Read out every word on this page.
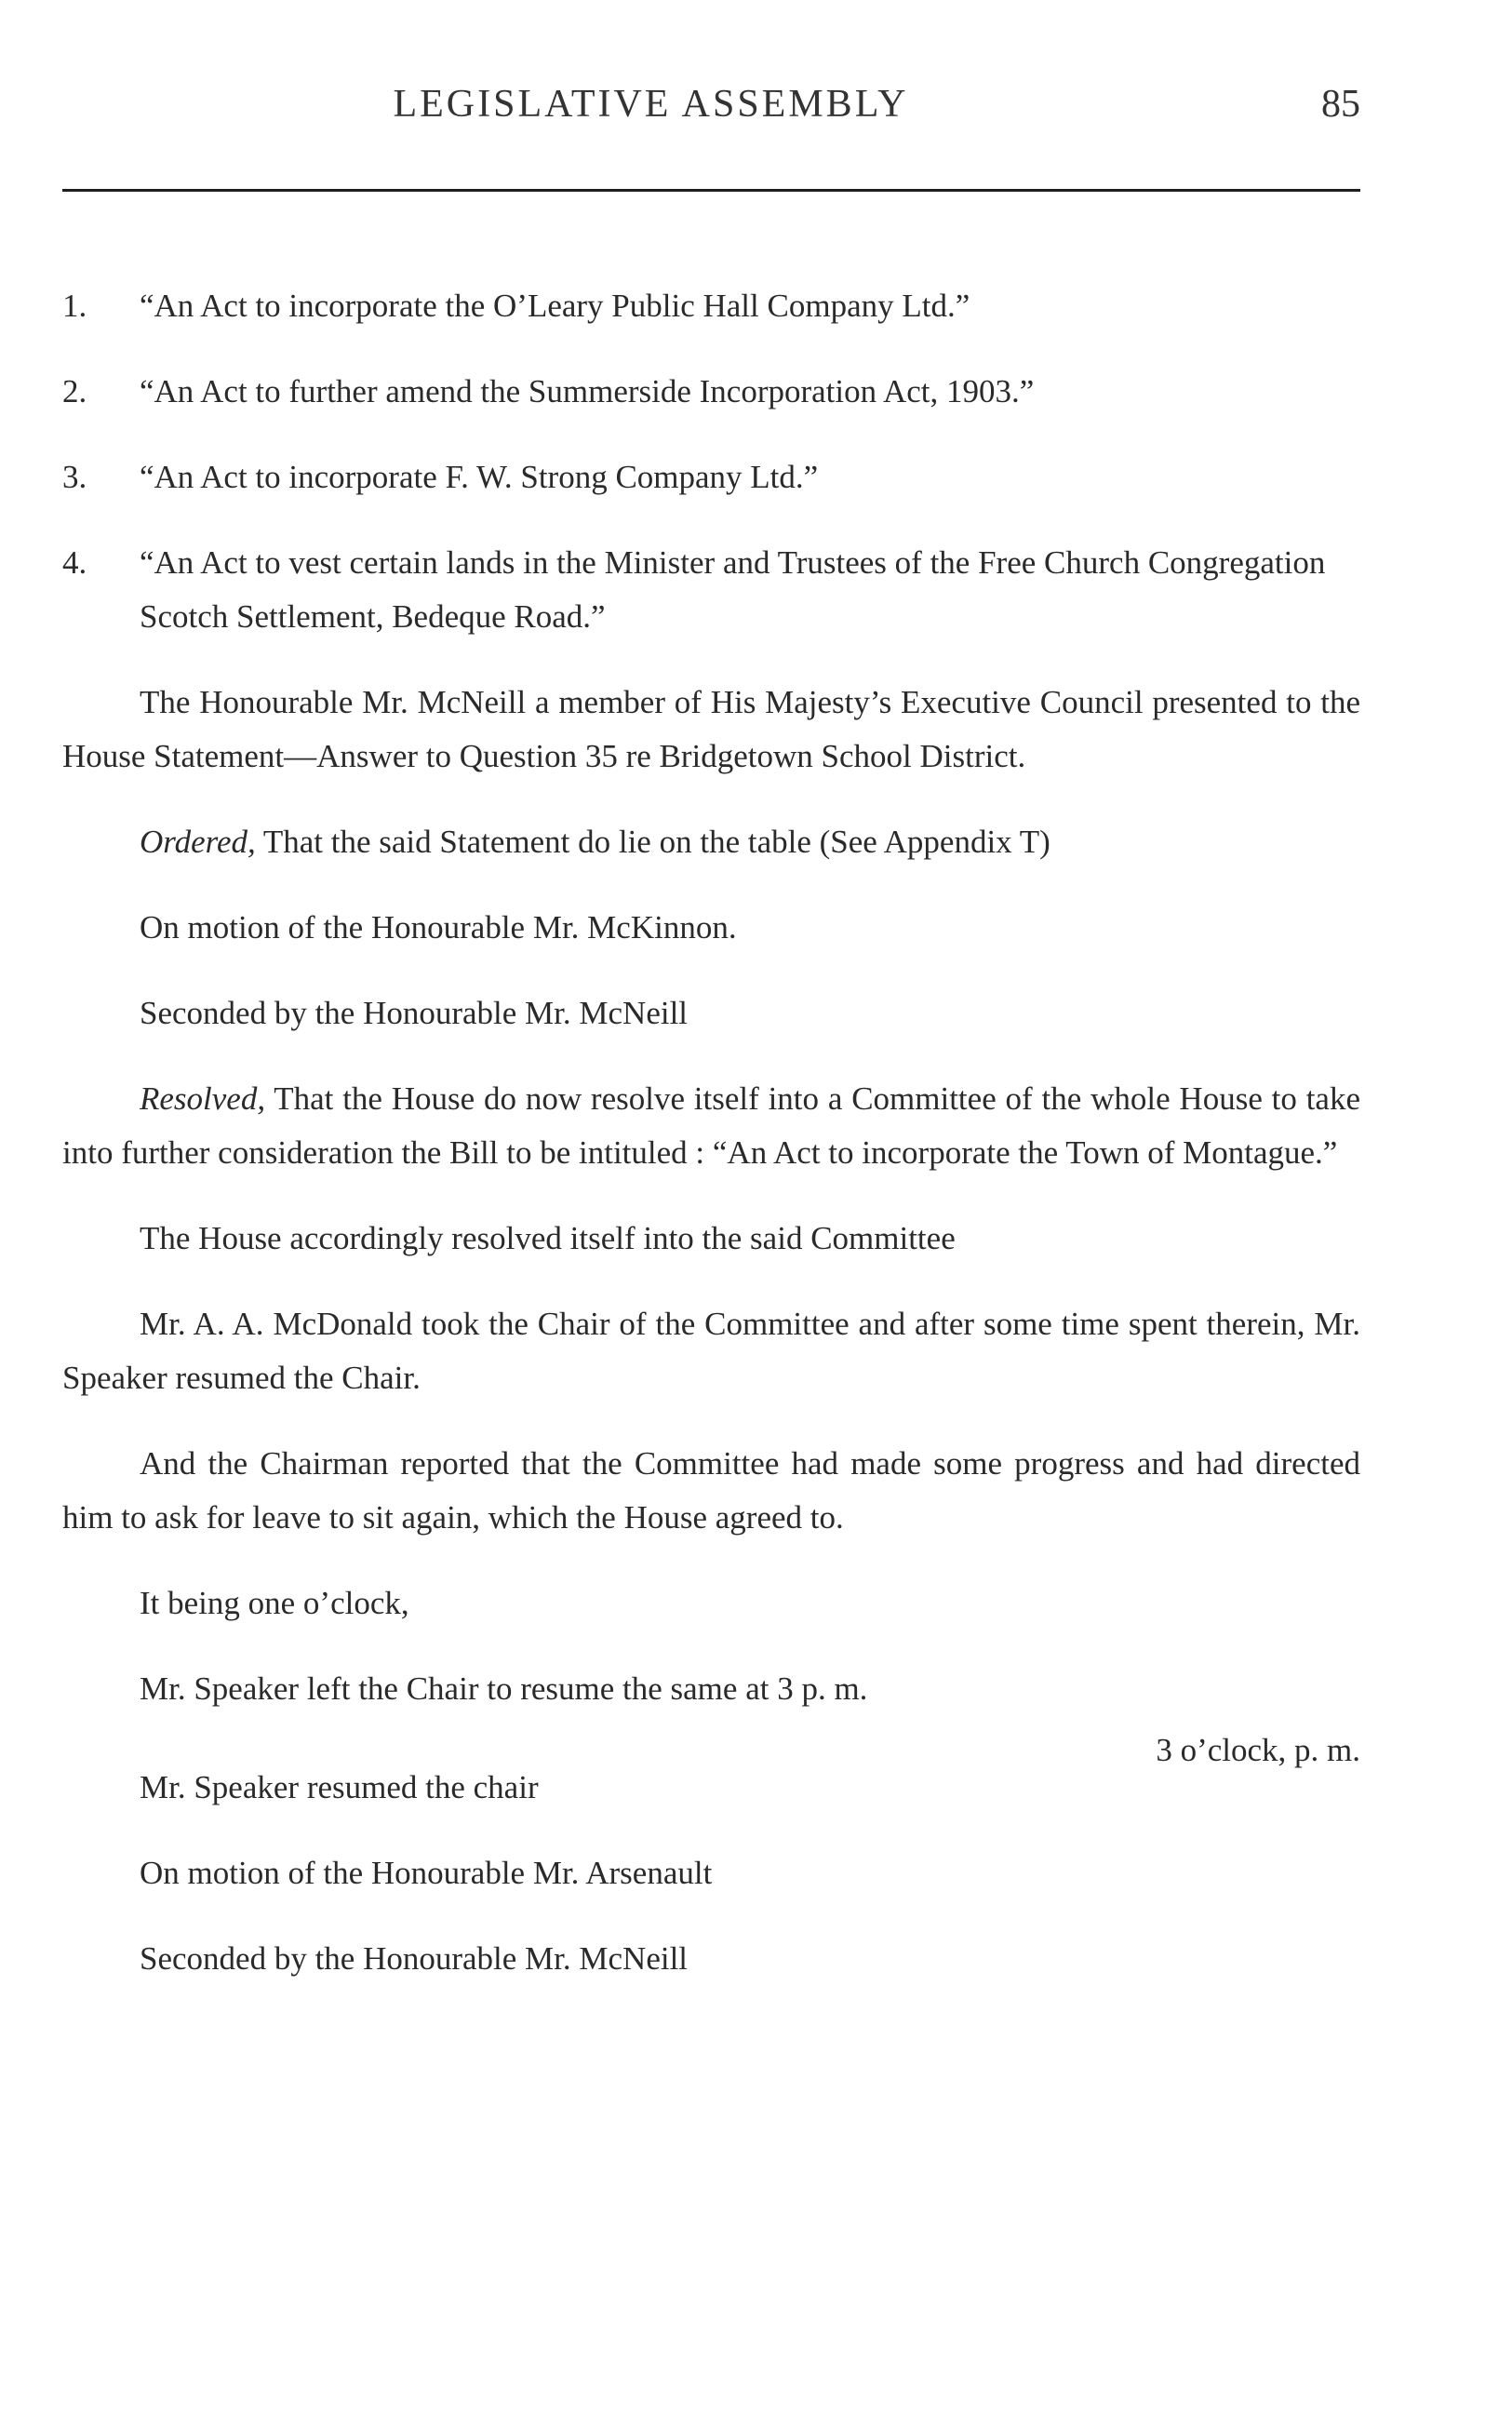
LEGISLATIVE ASSEMBLY	85
1. “An Act to incorporate the O’Leary Public Hall Company Ltd.”
2. “An Act to further amend the Summerside Incorporation Act, 1903.”
3. “An Act to incorporate F. W. Strong Company Ltd.”
4. “An Act to vest certain lands in the Minister and Trustees of the Free Church Congregation Scotch Settlement, Bedeque Road.”

The Honourable Mr. McNeill a member of His Majesty’s Executive Council presented to the House Statement—Answer to Question 35 re Bridgetown School District.

Ordered, That the said Statement do lie on the table (See Appendix T)

On motion of the Honourable Mr. McKinnon.

Seconded by the Honourable Mr. McNeill

Resolved, That the House do now resolve itself into a Committee of the whole House to take into further consideration the Bill to be intituled : “An Act to incorporate the Town of Montague.”

The House accordingly resolved itself into the said Committee

Mr. A. A. McDonald took the Chair of the Committee and after some time spent therein, Mr. Speaker resumed the Chair.

And the Chairman reported that the Committee had made some progress and had directed him to ask for leave to sit again, which the House agreed to.

It being one o’clock,

Mr. Speaker left the Chair to resume the same at 3 p. m.

3 o’clock, p. m.

Mr. Speaker resumed the chair

On motion of the Honourable Mr. Arsenault

Seconded by the Honourable Mr. McNeill
